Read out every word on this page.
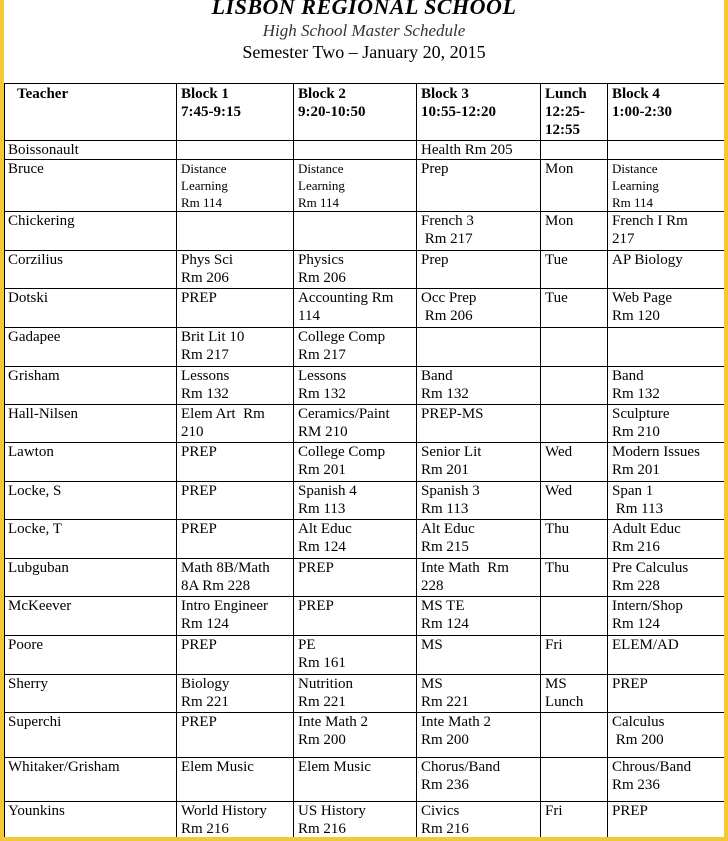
LISBON REGIONAL SCHOOL
High School Master Schedule
Semester Two – January 20, 2015
Teacher	Block 1
7:45-9:15	Block 2
9:20-10:50	Block 3
10:55-12:20	Lunch
12:25-
12:55	Block 4
1:00-2:30

Boissonault			Health Rm 205		

Bruce	Distance
Learning
Rm 114	Distance
Learning
Rm 114	Prep	Mon	Distance
Learning
Rm 114

Chickering			French 3
Rm 217	Mon	French I Rm
217

Corzilius	Phys Sci
Rm 206	Physics
Rm 206	Prep	Tue	AP Biology

Dotski	PREP	Accounting Rm
114	Occ Prep
Rm 206	Tue	Web Page
Rm 120

Gadapee	Brit Lit 10
Rm 217	College Comp
Rm 217			

Grisham	Lessons
Rm 132	Lessons
Rm 132	Band
Rm 132		Band
Rm 132

Hall-Nilsen	Elem Art  Rm
210	Ceramics/Paint
RM 210	PREP-MS		Sculpture
Rm 210

Lawton	PREP	College Comp
Rm 201	Senior Lit
Rm 201	Wed	Modern Issues
Rm 201

Locke, S	PREP	Spanish 4
Rm 113	Spanish 3
Rm 113	Wed	Span 1
Rm 113

Locke, T	PREP	Alt Educ
Rm 124	Alt Educ
Rm 215	Thu	Adult Educ
Rm 216

Lubguban	Math 8B/Math
8A Rm 228	PREP	Inte Math  Rm
228	Thu	Pre Calculus
Rm 228

McKeever	Intro Engineer
Rm 124	PREP	MS TE
Rm 124		Intern/Shop
Rm 124

Poore	PREP	PE
Rm 161	MS	Fri	ELEM/AD

Sherry	Biology
Rm 221	Nutrition
Rm 221	MS
Rm 221	MS
Lunch	PREP

Superchi	PREP	Inte Math 2
Rm 200	Inte Math 2
Rm 200		Calculus
Rm 200

Whitaker/Grisham	Elem Music	Elem Music	Chorus/Band
Rm 236		Chrous/Band
Rm 236

Younkins	World History
Rm 216	US History
Rm 216	Civics
Rm 216	Fri	PREP
